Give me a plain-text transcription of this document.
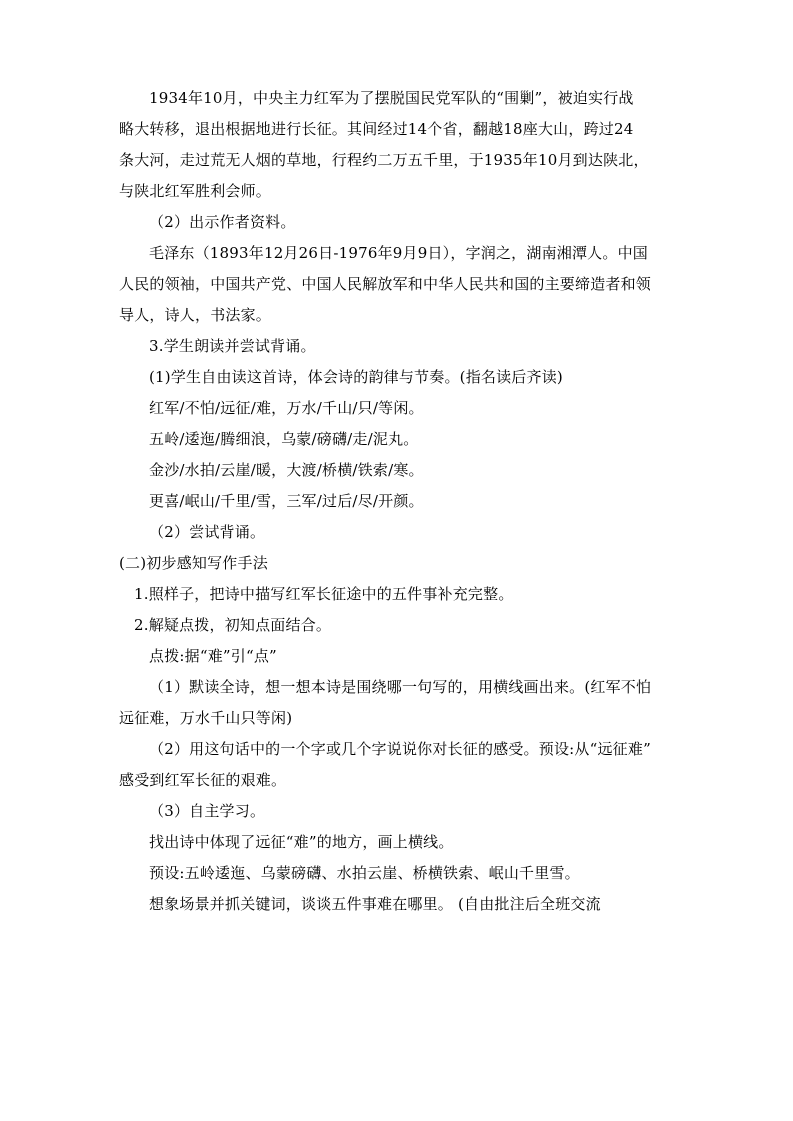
1934年10月，中央主力红军为了摆脱国民党军队的“围剿”，被迫实行战
略大转移，退出根据地进行长征。其间经过14个省，翻越18座大山，跨过24
条大河，走过荒无人烟的草地，行程约二万五千里，于1935年10月到达陕北，
与陕北红军胜利会师。
（2）出示作者资料。
毛泽东（1893年12月26日-1976年9月9日），字润之，湖南湘潭人。中国
人民的领袖，中国共产党、中国人民解放军和中华人民共和国的主要缔造者和领
导人，诗人，书法家。
3.学生朗读并尝试背诵。
(1)学生自由读这首诗，体会诗的韵律与节奏。(指名读后齐读)
红军/不怕/远征/难，万水/千山/只/等闲。
五岭/逶迤/腾细浪，乌蒙/磅礴/走/泥丸。
金沙/水拍/云崖/暖，大渡/桥横/铁索/寒。
更喜/岷山/千里/雪，三军/过后/尽/开颜。
（2）尝试背诵。
(二)初步感知写作手法
1.照样子，把诗中描写红军长征途中的五件事补充完整。
2.解疑点拨，初知点面结合。
点拨:据“难”引“点”
（1）默读全诗，想一想本诗是围绕哪一句写的，用横线画出来。(红军不怕
远征难，万水千山只等闲)
（2）用这句话中的一个字或几个字说说你对长征的感受。预设:从“远征难”
感受到红军长征的艰难。
（3）自主学习。
找出诗中体现了远征“难”的地方，画上横线。
预设:五岭逶迤、乌蒙磅礴、水拍云崖、桥横铁索、岷山千里雪。
想象场景并抓关键词，谈谈五件事难在哪里。 (自由批注后全班交流
